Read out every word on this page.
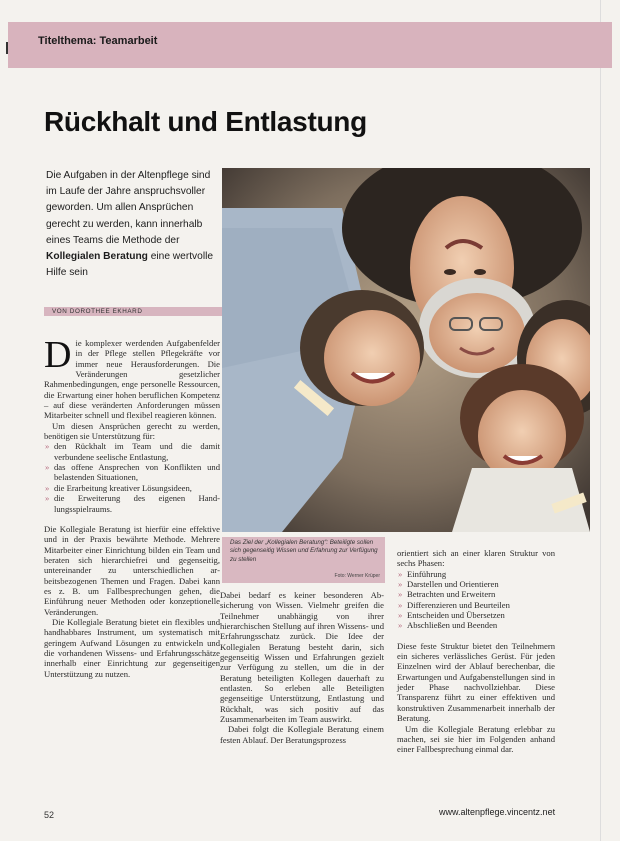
Titelthema: Teamarbeit
Rückhalt und Entlastung
Die Aufgaben in der Altenpflege sind im Laufe der Jahre anspruchsvoller geworden. Um allen Ansprüchen gerecht zu werden, kann innerhalb eines Teams die Methode der Kollegialen Beratung eine wertvolle Hilfe sein
VON DOROTHEE EKHARD
Das Ziel der „Kollegialen Beratung“: Beteiligte sollen sich gegenseitig Wissen und Erfahrung zur Verfügung zu stellen
Foto: Werner Krüper

Die komplexer werdenden Aufgabenfelder in der Pflege stellen Pflegekräfte vor immer neue Herausforderungen. Die Veränderungen gesetzlicher Rahmenbedingungen, enge personelle Ressourcen, die Erwartung einer hohen beruflichen Kompetenz – auf diese veränderten Anforderungen müssen Mitarbeiter schnell und flexibel reagieren können.

Um diesen Ansprüchen gerecht zu werden, benötigen sie Unterstützung für:

» den Rückhalt im Team und die damit verbundene seelische Entlastung,
» das offene Ansprechen von Konflikten und belastenden Situationen,
» die Erarbeitung kreativer Lösungsideen,
» die Erweiterung des eigenen Handlungsspielraums.

Die Kollegiale Beratung ist hierfür eine effektive und in der Praxis bewährte Methode. Mehrere Mitarbeiter einer Einrichtung bilden ein Team und beraten sich hierarchiefrei und gegenseitig, untereinander zu unterschiedlichen arbeitsbezogenen Themen und Fragen. Dabei kann es z. B. um Fallbesprechungen gehen, die Einführung neuer Methoden oder konzeptionelle Veränderungen.

Die Kollegiale Beratung bietet ein flexibles und handhabbares Instrument, um systematisch mit geringem Aufwand Lösungen zu entwickeln und die vorhandenen Wissens- und Erfahrungsschätze innerhalb einer Einrichtung zur gegenseitigen Unterstützung zu nutzen.

Dabei bedarf es keiner besonderen Absicherung von Wissen. Vielmehr greifen die Teilnehmer unabhängig von ihrer hierarchischen Stellung auf ihren Wissens- und Erfahrungsschatz zurück. Die Idee der Kollegialen Beratung besteht darin, sich gegenseitig Wissen und Erfahrungen gezielt zur Verfügung zu stellen, um die in der Beratung beteiligten Kollegen dauerhaft zu entlasten. So erleben alle Beteiligten gegenseitige Unterstützung, Entlastung und Rückhalt, was sich positiv auf das Zusammenarbeiten im Team auswirkt.

Dabei folgt die Kollegiale Beratung einem festen Ablauf. Der Beratungsprozess

orientiert sich an einer klaren Struktur von sechs Phasen:

» Einführung
» Darstellen und Orientieren
» Betrachten und Erweitern
» Differenzieren und Beurteilen
» Entscheiden und Übersetzen
» Abschließen und Beenden

Diese feste Struktur bietet den Teilnehmern ein sicheres verlässliches Gerüst. Für jeden Einzelnen wird der Ablauf berechenbar, die Erwartungen und Aufgabenstellungen sind in jeder Phase nachvollziehbar. Diese Transparenz führt zu einer effektiven und konstruktiven Zusammenarbeit innerhalb der Beratung.

Um die Kollegiale Beratung erlebbar zu machen, sei sie hier im Folgenden anhand einer Fallbesprechung einmal dar.

52	www.altenpflege.vincentz.net
